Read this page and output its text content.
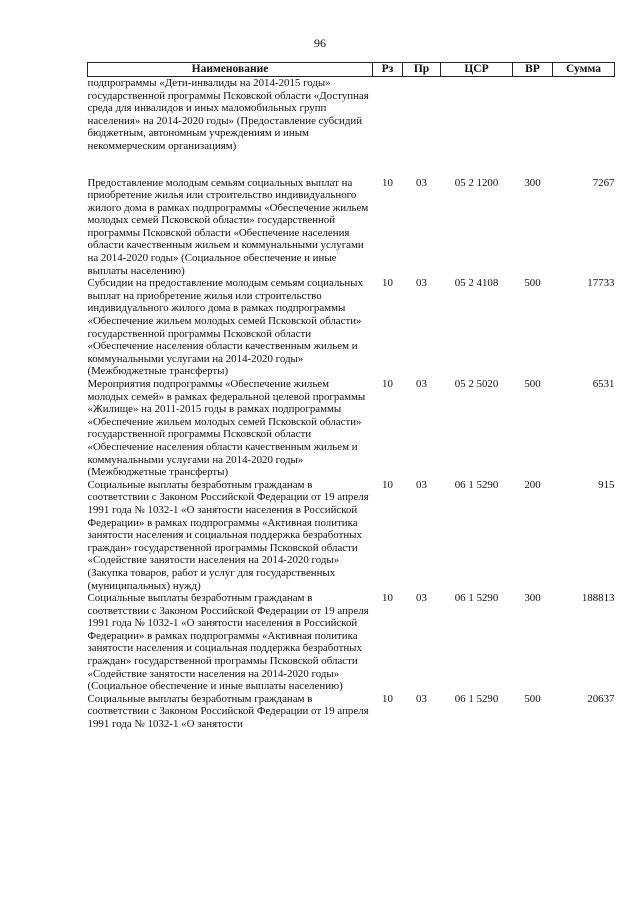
96
Наименование	Рз	Пр	ЦСР	ВР	Сумма
подпрограммы «Дети-инвалиды на 2014-2015 годы» государственной программы Псковской области «Доступная среда для инвалидов и иных маломобильных групп населения» на 2014-2020 годы» (Предоставление субсидий бюджетным, автономным учреждениям и иным некоммерческим организациям)					
Предоставление молодым семьям социальных выплат на приобретение жилья или строительство индивидуального жилого дома в рамках подпрограммы «Обеспечение жильем молодых семей Псковской области» государственной программы Псковской области «Обеспечение населения области качественным жильем и коммунальными услугами на 2014-2020 годы» (Социальное обеспечение и иные выплаты населению)	10	03	05 2 1200	300	7267
Субсидии на предоставление молодым семьям социальных выплат на приобретение жилья или строительство индивидуального жилого дома в рамках подпрограммы «Обеспечение жильем молодых семей Псковской области» государственной программы Псковской области «Обеспечение населения области качественным жильем и коммунальными услугами на 2014-2020 годы» (Межбюджетные трансферты)	10	03	05 2 4108	500	17733
Мероприятия подпрограммы «Обеспечение жильем молодых семей» в рамках федеральной целевой программы «Жилище» на 2011-2015 годы в рамках подпрограммы «Обеспечение жильем молодых семей Псковской области» государственной программы Псковской области «Обеспечение населения области качественным жильем и коммунальными услугами на 2014-2020 годы» (Межбюджетные трансферты)	10	03	05 2 5020	500	6531
Социальные выплаты безработным гражданам в соответствии с Законом Российской Федерации от 19 апреля 1991 года № 1032-1 «О занятости населения в Российской Федерации» в рамках подпрограммы «Активная политика занятости населения и социальная поддержка безработных граждан» государственной программы Псковской области «Содействие занятости населения на 2014-2020 годы» (Закупка товаров, работ и услуг для государственных (муниципальных) нужд)	10	03	06 1 5290	200	915
Социальные выплаты безработным гражданам в соответствии с Законом Российской Федерации от 19 апреля 1991 года № 1032-1 «О занятости населения в Российской Федерации» в рамках подпрограммы «Активная политика занятости населения и социальная поддержка безработных граждан» государственной программы Псковской области «Содействие занятости населения на 2014-2020 годы» (Социальное обеспечение и иные выплаты населению)	10	03	06 1 5290	300	188813
Социальные выплаты безработным гражданам в соответствии с Законом Российской Федерации от 19 апреля 1991 года № 1032-1 «О занятости	10	03	06 1 5290	500	20637
